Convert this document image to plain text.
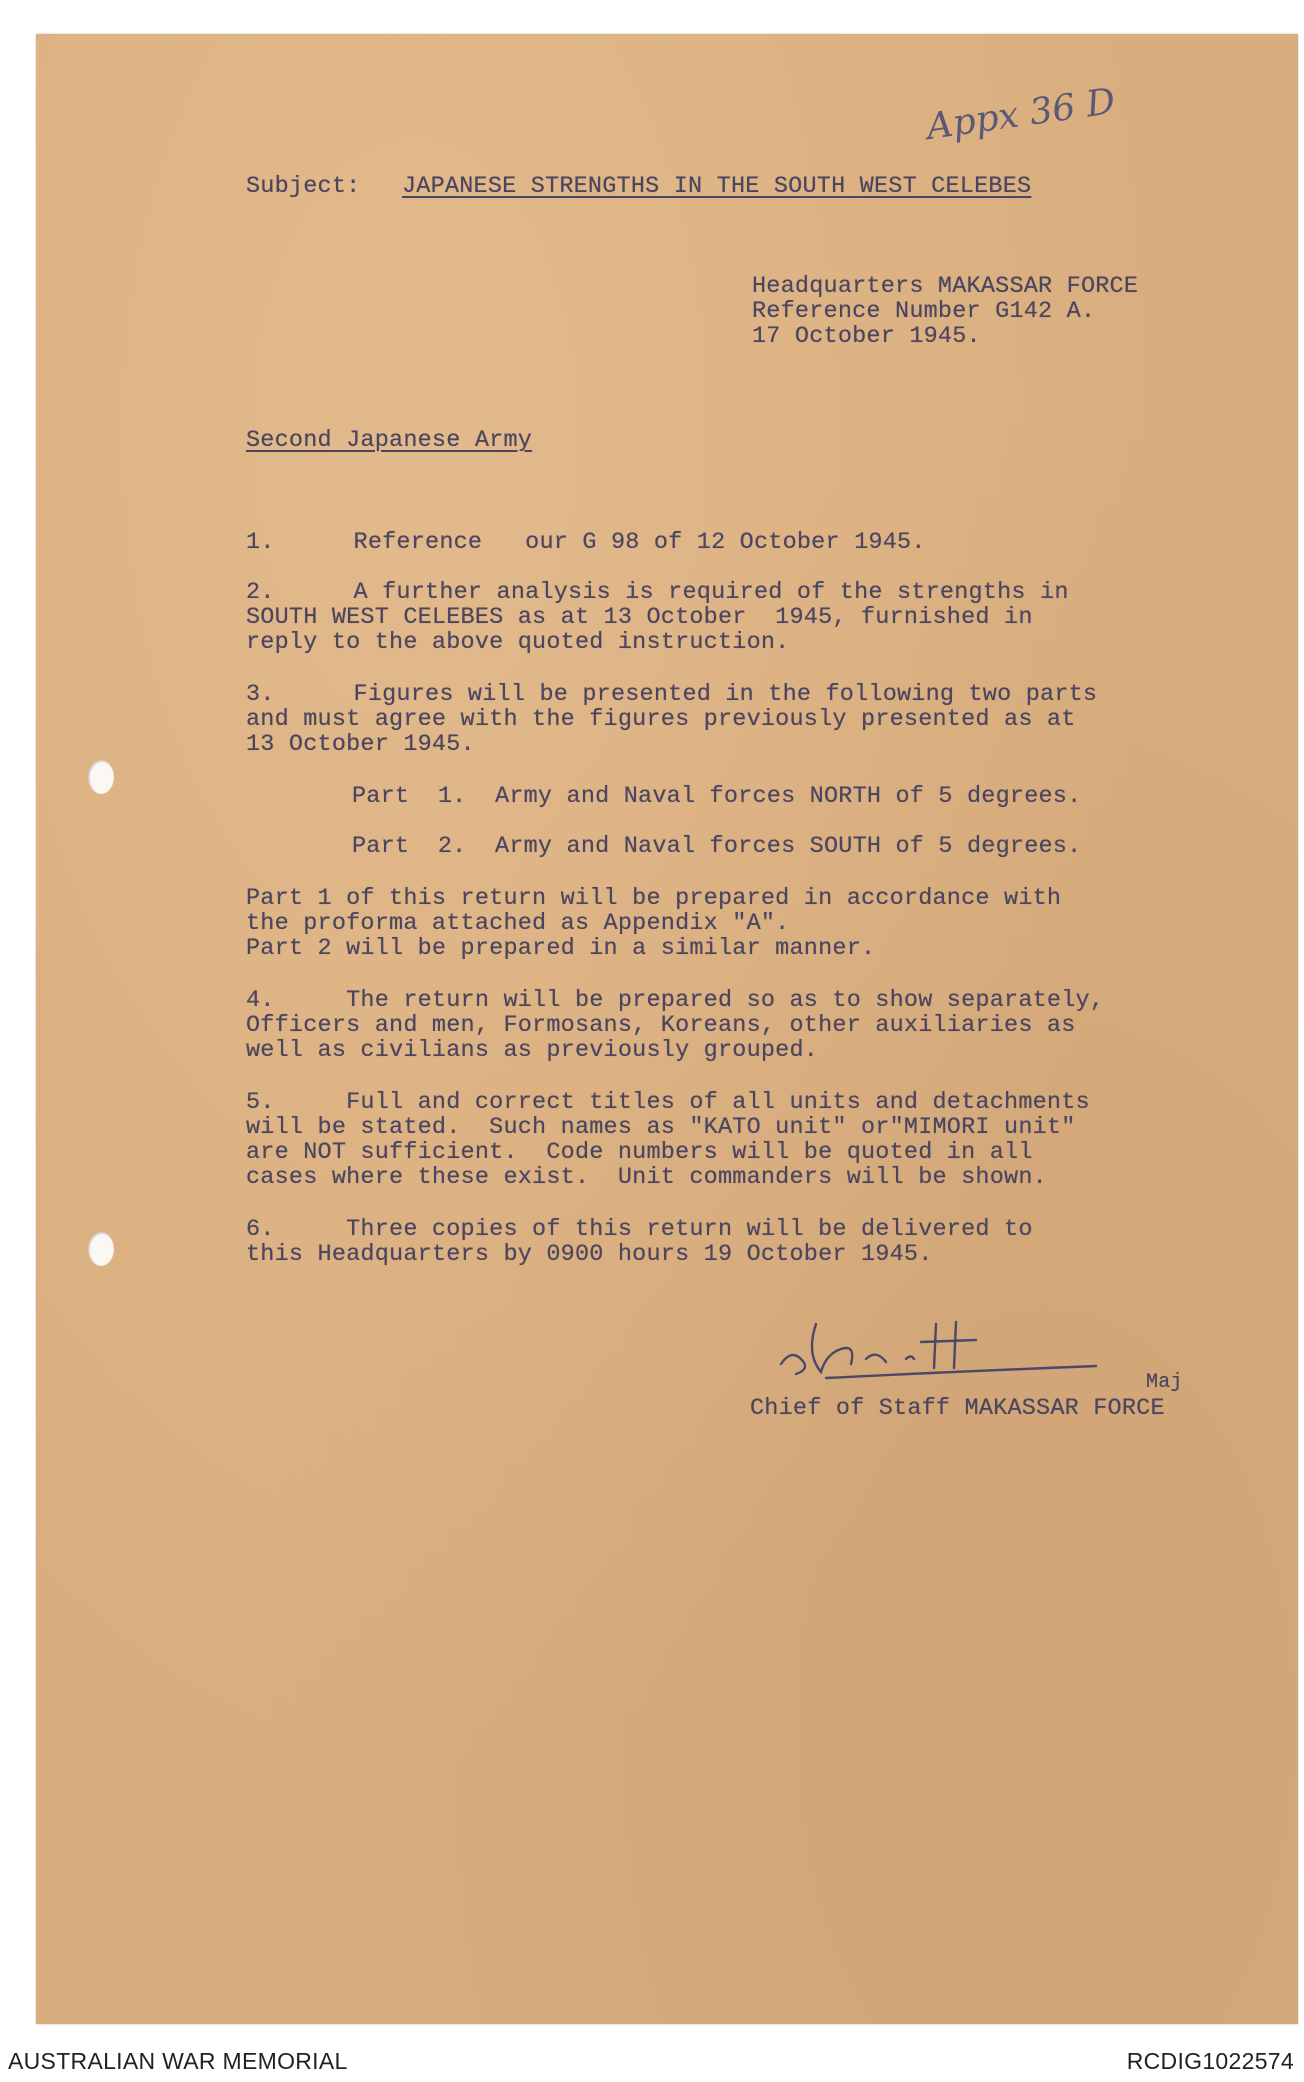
Appx 36 D
Subject: JAPANESE STRENGTHS IN THE SOUTH WEST CELEBES
Headquarters MAKASSAR FORCE
Reference Number G142 A.
17 October 1945.
Second Japanese Army
1. Reference   our G 98 of 12 October 1945.
2. A further analysis is required of the strengths in
SOUTH WEST CELEBES as at 13 October  1945, furnished in
reply to the above quoted instruction.
3. Figures will be presented in the following two parts
and must agree with the figures previously presented as at
13 October 1945.
Part  1.  Army and Naval forces NORTH of 5 degrees.
Part  2.  Army and Naval forces SOUTH of 5 degrees.
Part 1 of this return will be prepared in accordance with
the proforma attached as Appendix "A".
Part 2 will be prepared in a similar manner.
4.     The return will be prepared so as to show separately,
Officers and men, Formosans, Koreans, other auxiliaries as
well as civilians as previously grouped.
5.     Full and correct titles of all units and detachments
will be stated.  Such names as "KATO unit" or"MIMORI unit"
are NOT sufficient.  Code numbers will be quoted in all
cases where these exist.  Unit commanders will be shown.
6.     Three copies of this return will be delivered to
this Headquarters by 0900 hours 19 October 1945.
Maj
Chief of Staff MAKASSAR FORCE
AUSTRALIAN WAR MEMORIAL	RCDIG1022574
